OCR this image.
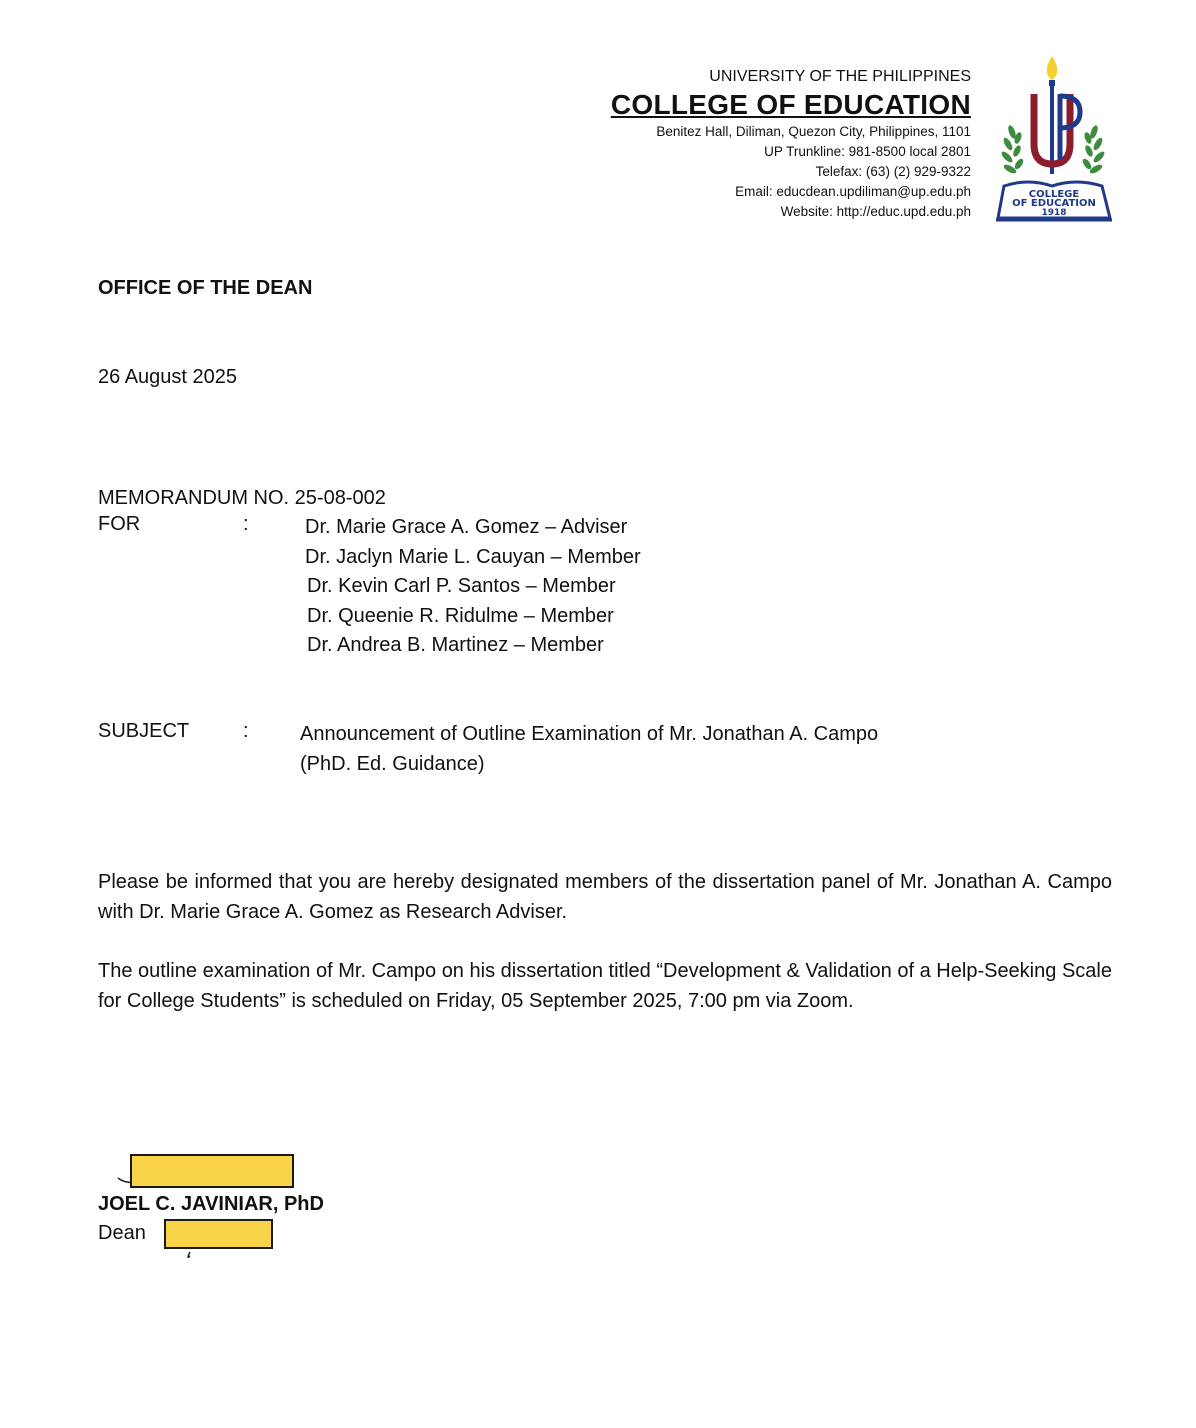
UNIVERSITY OF THE PHILIPPINES
COLLEGE OF EDUCATION
Benitez Hall, Diliman, Quezon City, Philippines, 1101
UP Trunkline: 981-8500 local 2801
Telefax: (63) (2) 929-9322
Email: educdean.updiliman@up.edu.ph
Website: http://educ.upd.edu.ph
COLLEGE
OF EDUCATION
1918
OFFICE OF THE DEAN
26 August 2025
MEMORANDUM NO. 25-08-002
FOR	:	Dr. Marie Grace A. Gomez – Adviser
Dr. Jaclyn Marie L. Cauyan – Member
Dr. Kevin Carl P. Santos – Member
Dr. Queenie R. Ridulme – Member
Dr. Andrea B. Martinez – Member
SUBJECT	:	Announcement of Outline Examination of Mr. Jonathan A. Campo
(PhD. Ed. Guidance)
Please be informed that you are hereby designated members of the dissertation panel of Mr. Jonathan A. Campo with Dr. Marie Grace A. Gomez as Research Adviser.
The outline examination of Mr. Campo on his dissertation titled “Development & Validation of a Help-Seeking Scale for College Students” is scheduled on Friday, 05 September 2025, 7:00 pm via Zoom.
JOEL C. JAVINIAR, PhD
Dean
